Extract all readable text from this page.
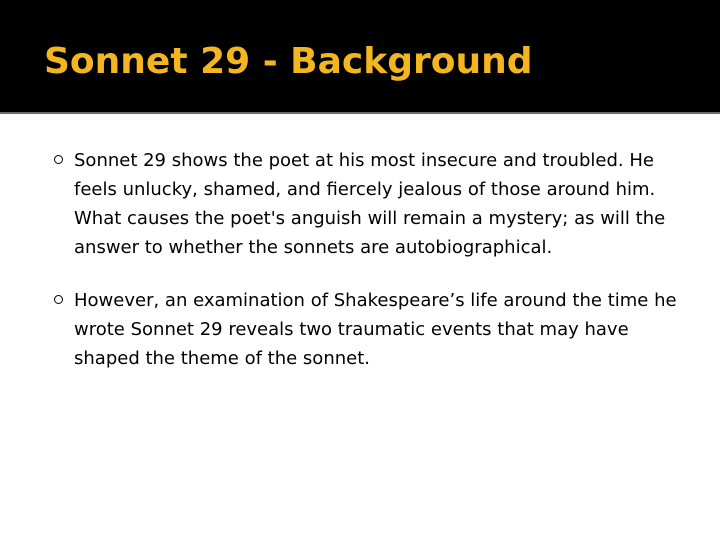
Sonnet 29 - Background
Sonnet 29 shows the poet at his most insecure and troubled. He feels unlucky, shamed, and fiercely jealous of those around him. What causes the poet's anguish will remain a mystery; as will the answer to whether the sonnets are autobiographical.
However, an examination of Shakespeare’s life around the time he wrote Sonnet 29 reveals two traumatic events that may have shaped the theme of the sonnet.
